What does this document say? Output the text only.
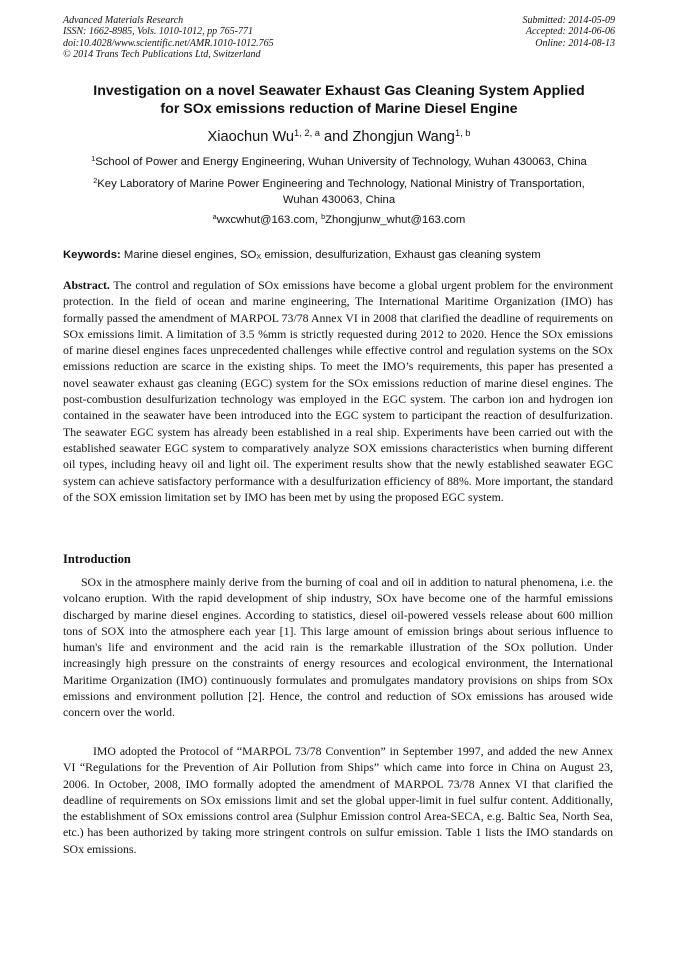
Advanced Materials Research
ISSN: 1662-8985, Vols. 1010-1012, pp 765-771
doi:10.4028/www.scientific.net/AMR.1010-1012.765
© 2014 Trans Tech Publications Ltd, Switzerland
Submitted: 2014-05-09
Accepted: 2014-06-06
Online: 2014-08-13
Investigation on a novel Seawater Exhaust Gas Cleaning System Applied
for SOx emissions reduction of Marine Diesel Engine
Xiaochun Wu$^{1, 2, a}$ and Zhongjun Wang$^{1, b}$
$^1$School of Power and Energy Engineering, Wuhan University of Technology, Wuhan 430063, China
$^2$Key Laboratory of Marine Power Engineering and Technology, National Ministry of Transportation,
Wuhan 430063, China
$^a$wxcwhut@163.com, $^b$Zhongjunw_whut@163.com
Keywords: Marine diesel engines, $SO_X$ emission, desulfurization, Exhaust gas cleaning system
Abstract. The control and regulation of SOx emissions have become a global urgent problem for the environment protection. In the field of ocean and marine engineering, The International Maritime Organization (IMO) has formally passed the amendment of MARPOL 73/78 Annex VI in 2008 that clarified the deadline of requirements on SOx emissions limit. A limitation of 3.5 %mm is strictly requested during 2012 to 2020. Hence the SOx emissions of marine diesel engines faces unprecedented challenges while effective control and regulation systems on the SOx emissions reduction are scarce in the existing ships. To meet the IMO’s requirements, this paper has presented a novel seawater exhaust gas cleaning (EGC) system for the SOx emissions reduction of marine diesel engines. The post-combustion desulfurization technology was employed in the EGC system. The carbon ion and hydrogen ion contained in the seawater have been introduced into the EGC system to participant the reaction of desulfurization. The seawater EGC system has already been established in a real ship. Experiments have been carried out with the established seawater EGC system to comparatively analyze SOX emissions characteristics when burning different oil types, including heavy oil and light oil. The experiment results show that the newly established seawater EGC system can achieve satisfactory performance with a desulfurization efficiency of 88%. More important, the standard of the SOX emission limitation set by IMO has been met by using the proposed EGC system.
Introduction
SOx in the atmosphere mainly derive from the burning of coal and oil in addition to natural phenomena, i.e. the volcano eruption. With the rapid development of ship industry, SOx have become one of the harmful emissions discharged by marine diesel engines. According to statistics, diesel oil-powered vessels release about 600 million tons of SOX into the atmosphere each year [1]. This large amount of emission brings about serious influence to human's life and environment and the acid rain is the remarkable illustration of the SOx pollution. Under increasingly high pressure on the constraints of energy resources and ecological environment, the International Maritime Organization (IMO) continuously formulates and promulgates mandatory provisions on ships from SOx emissions and environment pollution [2]. Hence, the control and reduction of SOx emissions has aroused wide concern over the world.
IMO adopted the Protocol of “MARPOL 73/78 Convention” in September 1997, and added the new Annex VI “Regulations for the Prevention of Air Pollution from Ships” which came into force in China on August 23, 2006. In October, 2008, IMO formally adopted the amendment of MARPOL 73/78 Annex VI that clarified the deadline of requirements on SOx emissions limit and set the global upper-limit in fuel sulfur content. Additionally, the establishment of SOx emissions control area (Sulphur Emission control Area-SECA, e.g. Baltic Sea, North Sea, etc.) has been authorized by taking more stringent controls on sulfur emission. Table 1 lists the IMO standards on SOx emissions.
